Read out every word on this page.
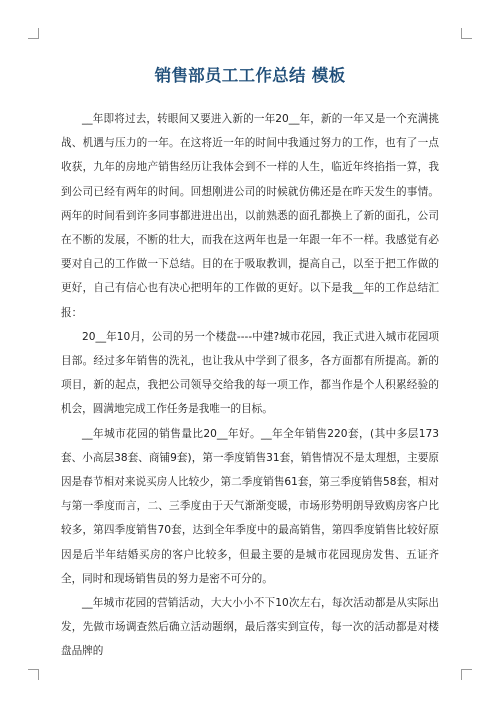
销售部员工工作总结 模板

__年即将过去，转眼间又要进入新的一年20__年，新的一年又是一个充满挑战、机遇与压力的一年。在这将近一年的时间中我通过努力的工作，也有了一点收获，九年的房地产销售经历让我体会到不一样的人生，临近年终掐指一算，我到公司已经有两年的时间。回想刚进公司的时候就仿佛还是在昨天发生的事情。两年的时间看到许多同事都进进出出，以前熟悉的面孔都换上了新的面孔，公司在不断的发展，不断的壮大，而我在这两年也是一年跟一年不一样。我感觉有必要对自己的工作做一下总结。目的在于吸取教训，提高自己，以至于把工作做的更好，自己有信心也有决心把明年的工作做的更好。以下是我__年的工作总结汇报：

20__年10月，公司的另一个楼盘----中建?城市花园，我正式进入城市花园项目部。经过多年销售的洗礼，也让我从中学到了很多，各方面都有所提高。新的项目，新的起点，我把公司领导交给我的每一项工作，都当作是个人积累经验的机会，圆满地完成工作任务是我唯一的目标。

__年城市花园的销售量比20__年好。__年全年销售220套，(其中多层173套、小高层38套、商铺9套)，第一季度销售31套，销售情况不是太理想，主要原因是春节相对来说买房人比较少，第二季度销售61套，第三季度销售58套，相对与第一季度而言，二、三季度由于天气渐渐变暖，市场形势明朗导致购房客户比较多，第四季度销售70套，达到全年季度中的最高销售，第四季度销售比较好原因是后半年结婚买房的客户比较多，但最主要的是城市花园现房发售、五证齐全，同时和现场销售员的努力是密不可分的。

__年城市花园的营销活动，大大小小不下10次左右，每次活动都是从实际出发，先做市场调查然后确立活动题纲，最后落实到宣传，每一次的活动都是对楼盘品牌的
